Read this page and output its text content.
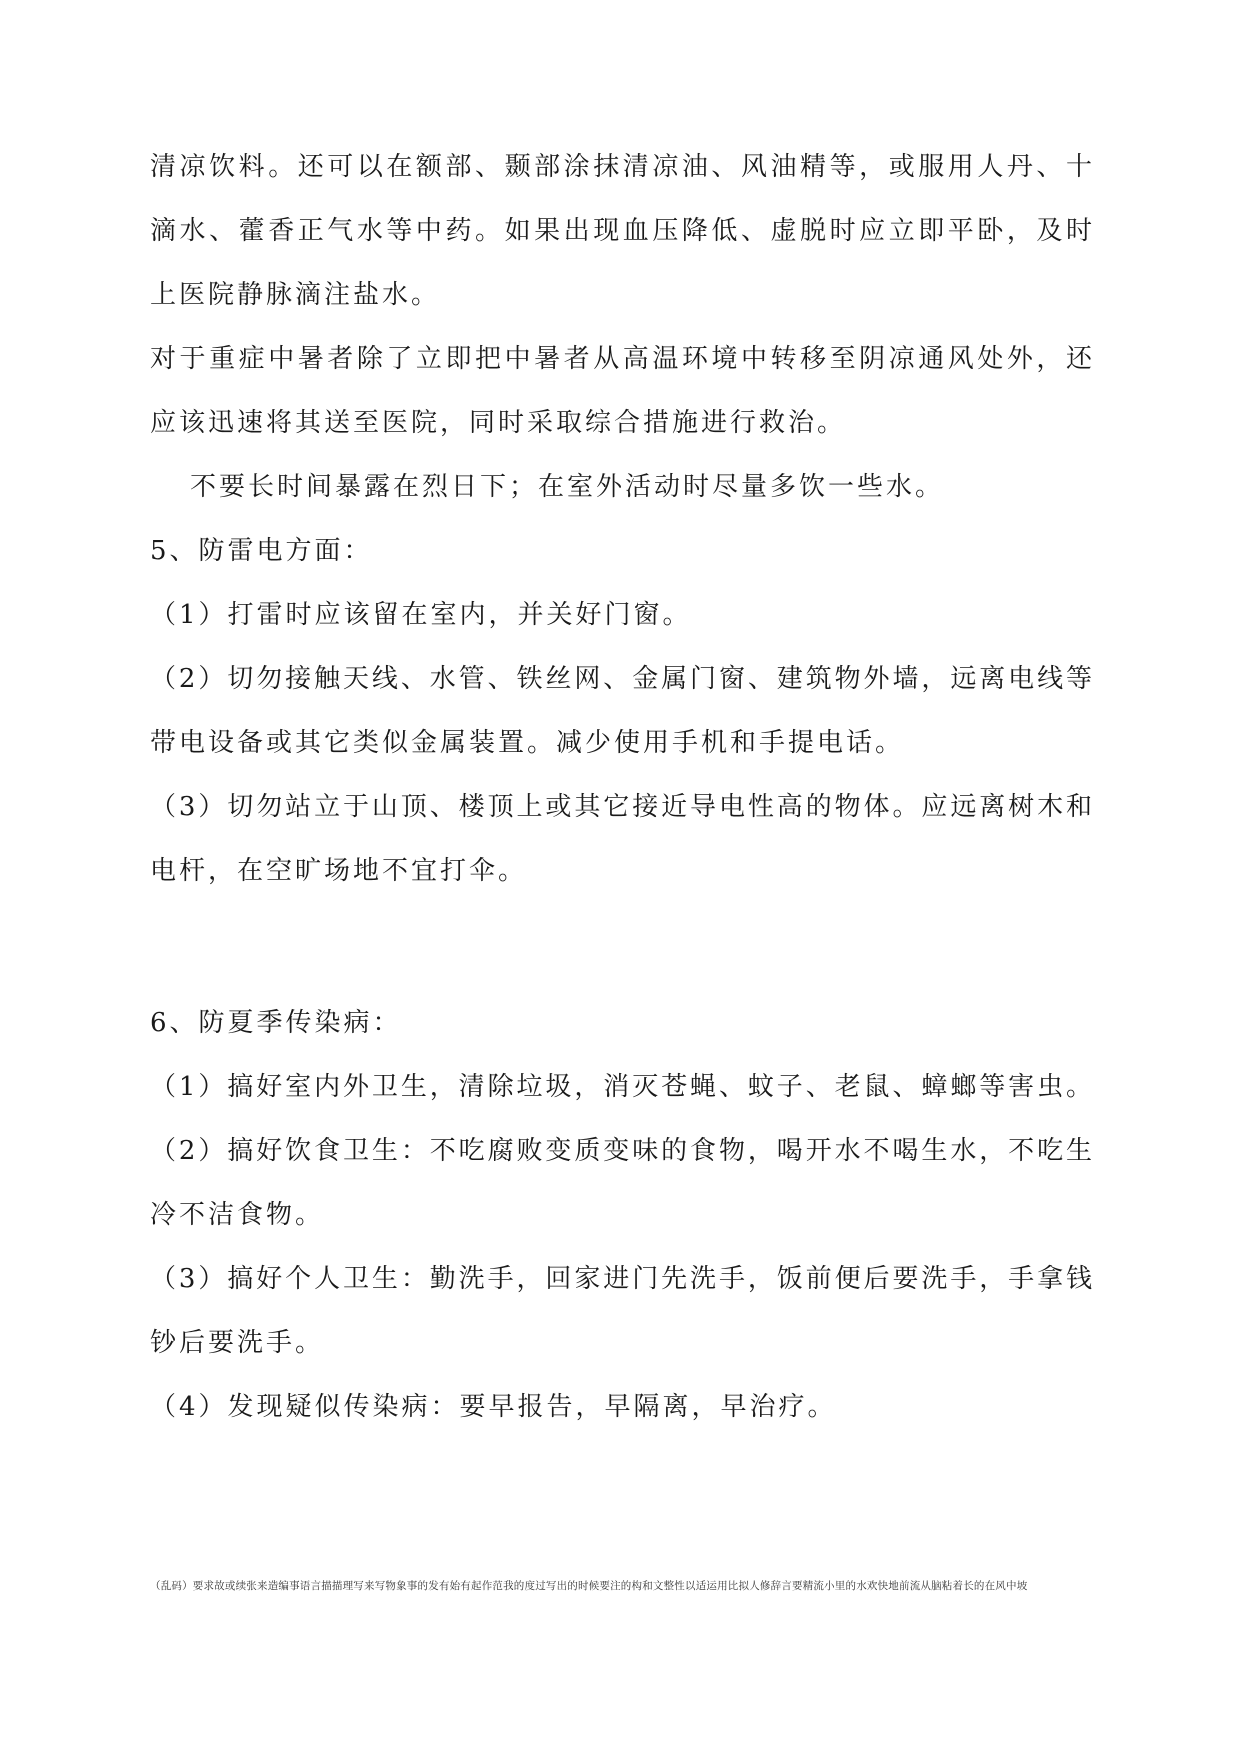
清凉饮料。还可以在额部、颞部涂抹清凉油、风油精等，或服用人丹、十
滴水、藿香正气水等中药。如果出现血压降低、虚脱时应立即平卧，及时
上医院静脉滴注盐水。
对于重症中暑者除了立即把中暑者从高温环境中转移至阴凉通风处外，还
应该迅速将其送至医院，同时采取综合措施进行救治。
不要长时间暴露在烈日下；在室外活动时尽量多饮一些水。
5、防雷电方面：
（1）打雷时应该留在室内，并关好门窗。
（2）切勿接触天线、水管、铁丝网、金属门窗、建筑物外墙，远离电线等
带电设备或其它类似金属装置。减少使用手机和手提电话。
（3）切勿站立于山顶、楼顶上或其它接近导电性高的物体。应远离树木和
电杆，在空旷场地不宜打伞。
6、防夏季传染病：
（1）搞好室内外卫生，清除垃圾，消灭苍蝇、蚊子、老鼠、蟑螂等害虫。
（2）搞好饮食卫生：不吃腐败变质变味的食物，喝开水不喝生水，不吃生
冷不洁食物。
（3）搞好个人卫生：勤洗手，回家进门先洗手，饭前便后要洗手，手拿钱
钞后要洗手。
（4）发现疑似传染病：要早报告，早隔离，早治疗。
（乱码）要求故或续张来造编事语言描描理写来写物象事的发有始有起作范我的度过写出的时候要注的构和文整性以适运用比拟人修辞言要精流小里的水欢快地前流从脑粘着长的在风中坡
